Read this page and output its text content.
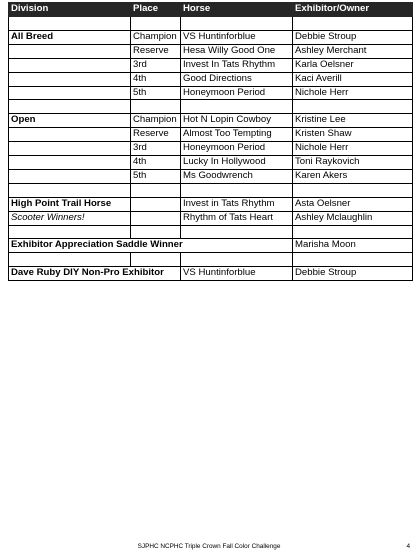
Division	Place	Horse	Exhibitor/Owner

All Breed	Champion	VS Huntinforblue	Debbie Stroup
	Reserve	Hesa Willy Good One	Ashley Merchant
	3rd	Invest In Tats Rhythm	Karla Oelsner
	4th	Good Directions	Kaci Averill
	5th	Honeymoon Period	Nichole Herr

Open	Champion	Hot N Lopin Cowboy	Kristine Lee
	Reserve	Almost Too Tempting	Kristen Shaw
	3rd	Honeymoon Period	Nichole Herr
	4th	Lucky In Hollywood	Toni Raykovich
	5th	Ms Goodwrench	Karen Akers

High Point Trail Horse		Invest in Tats Rhythm	Asta Oelsner
Scooter Winners!		Rhythm of Tats Heart	Ashley Mclaughlin

Exhibitor Appreciation Saddle Winner			Marisha Moon

Dave Ruby DIY Non-Pro Exhibitor		VS Huntinforblue	Debbie Stroup
SJPHC NCPHC Triple Crown Fall Color Challenge	4
